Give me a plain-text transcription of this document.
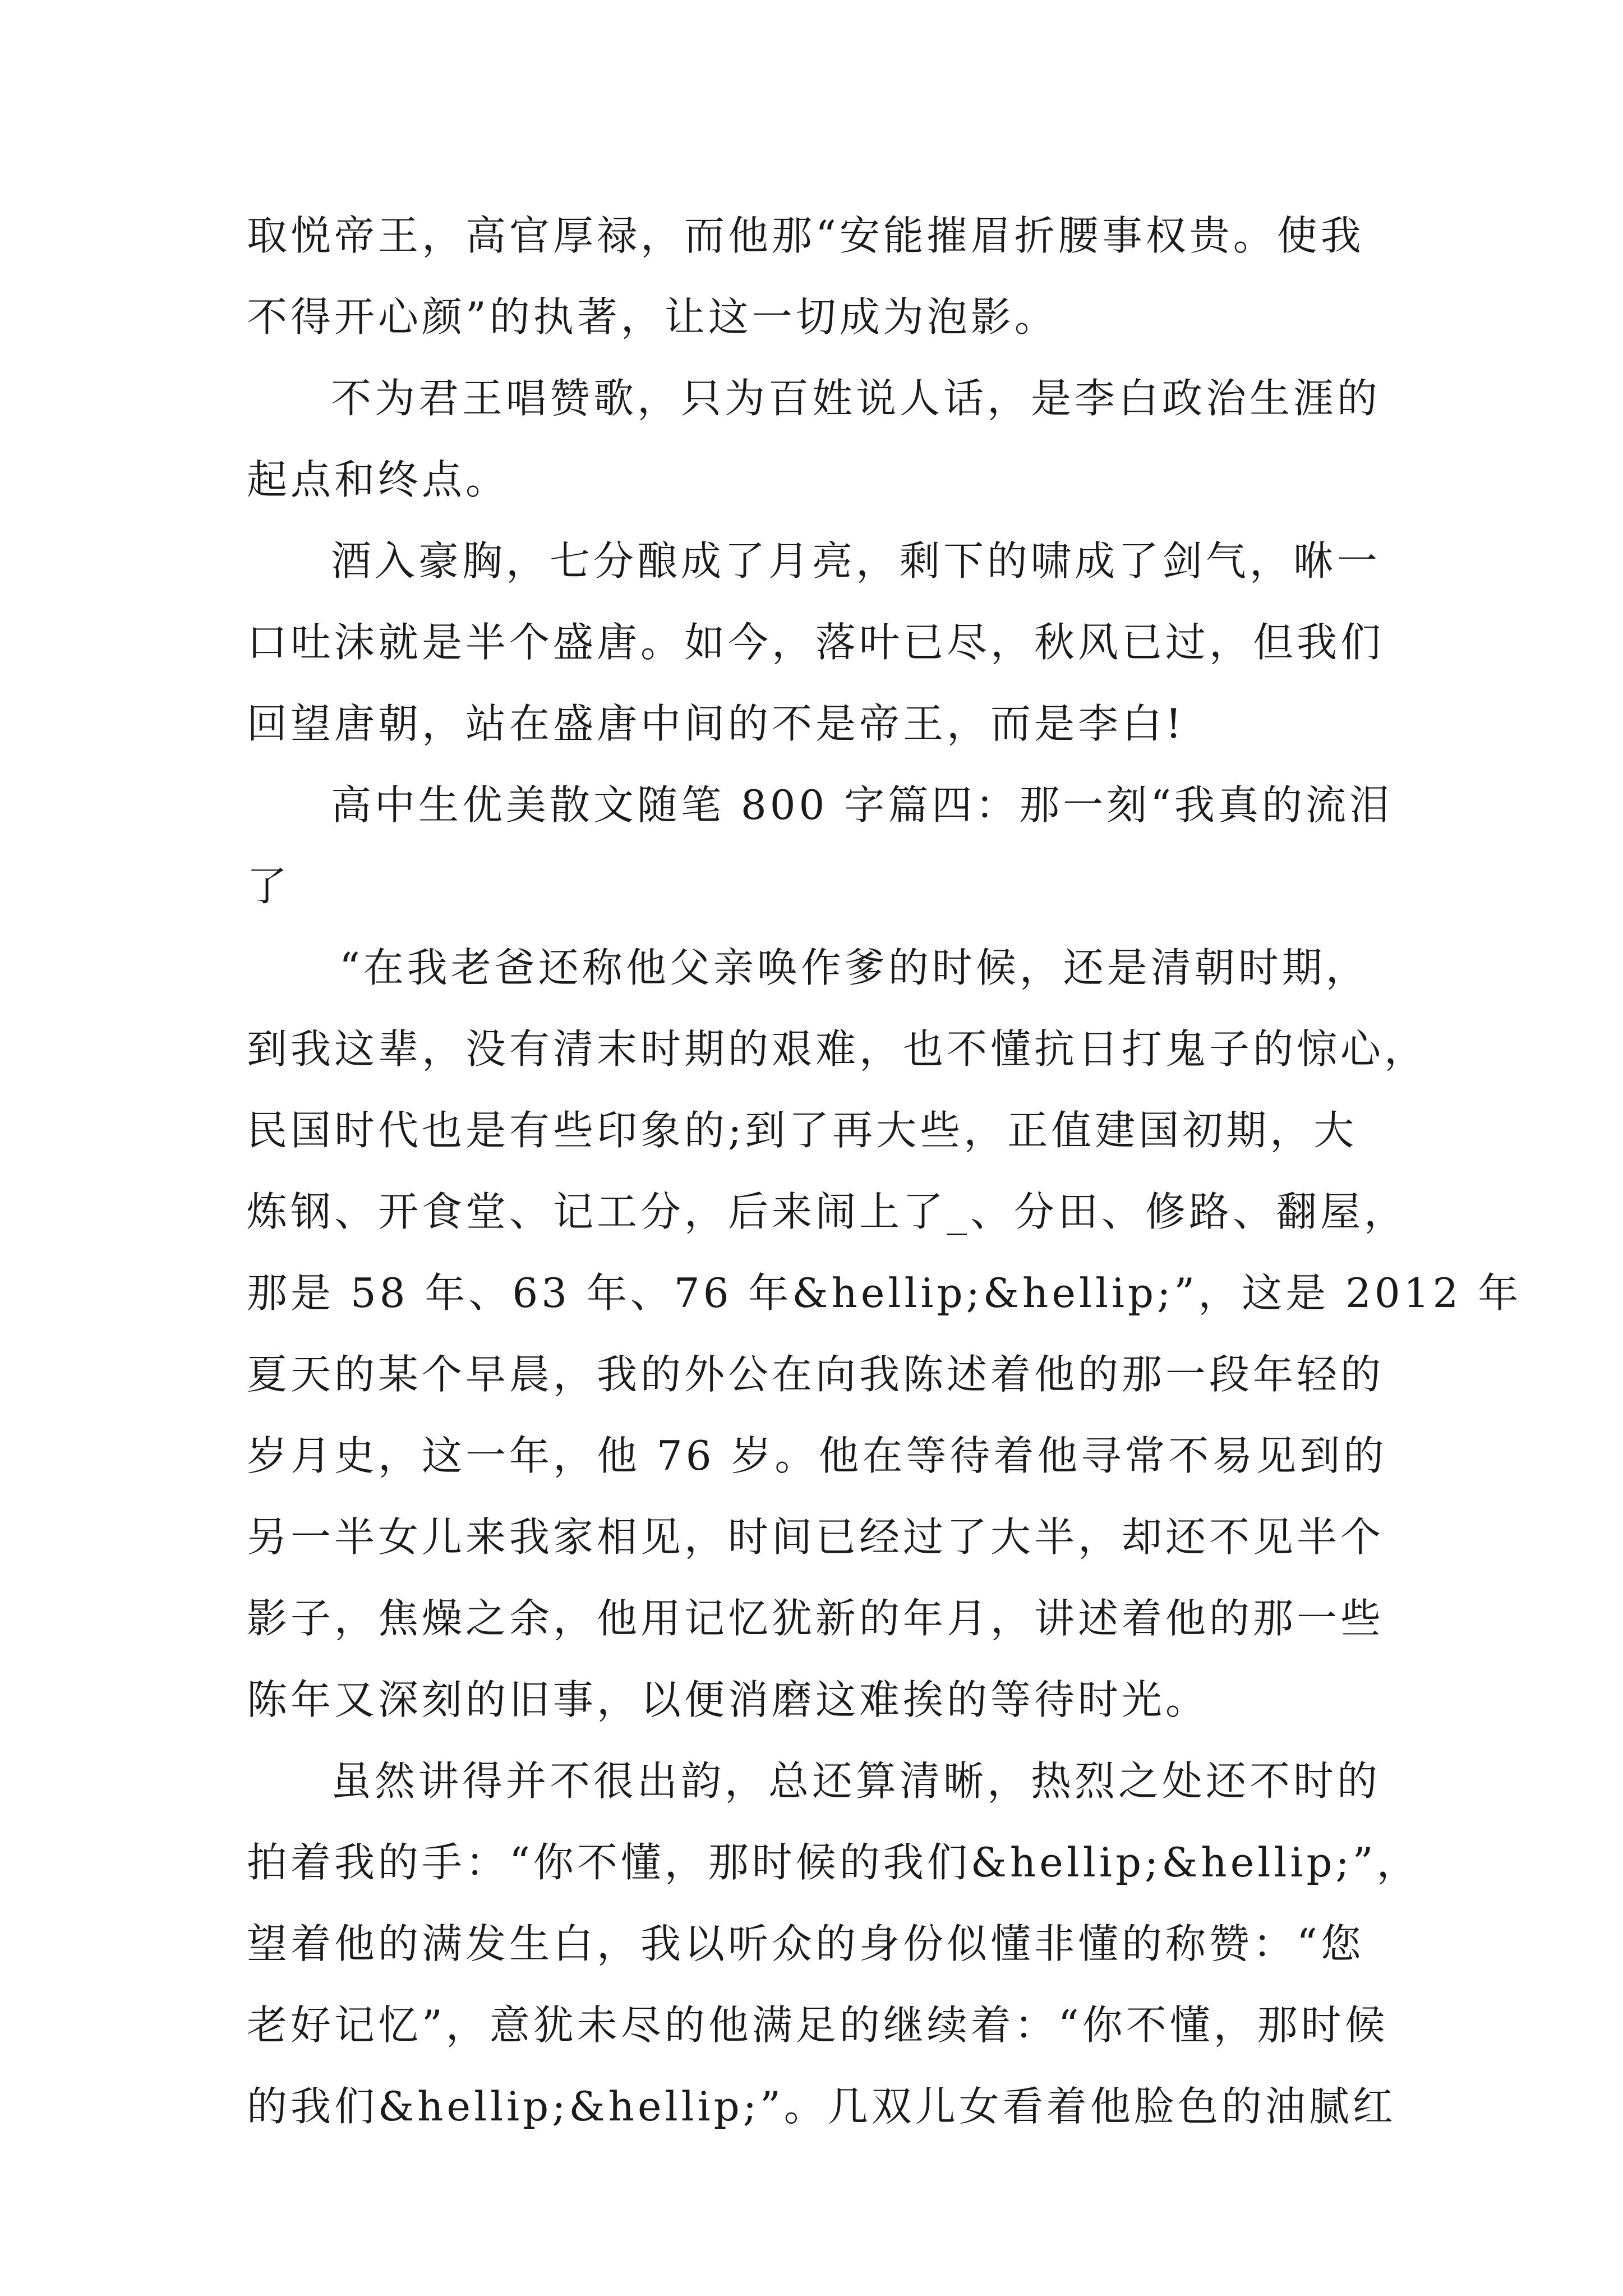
取悦帝王，高官厚禄，而他那“安能摧眉折腰事权贵。使我
不得开心颜”的执著，让这一切成为泡影。
不为君王唱赞歌，只为百姓说人话，是李白政治生涯的
起点和终点。
酒入豪胸，七分酿成了月亮，剩下的啸成了剑气，咻一
口吐沫就是半个盛唐。如今，落叶已尽，秋风已过，但我们
回望唐朝，站在盛唐中间的不是帝王，而是李白!
高中生优美散文随笔 800 字篇四：那一刻“我真的流泪
了
“在我老爸还称他父亲唤作爹的时候，还是清朝时期，
到我这辈，没有清末时期的艰难，也不懂抗日打鬼子的惊心，
民国时代也是有些印象的;到了再大些，正值建国初期，大
炼钢、开食堂、记工分，后来闹上了_、分田、修路、翻屋，
那是 58 年、63 年、76 年&hellip;&hellip;”，这是 2012 年
夏天的某个早晨，我的外公在向我陈述着他的那一段年轻的
岁月史，这一年，他 76 岁。他在等待着他寻常不易见到的
另一半女儿来我家相见，时间已经过了大半，却还不见半个
影子，焦燥之余，他用记忆犹新的年月，讲述着他的那一些
陈年又深刻的旧事，以便消磨这难挨的等待时光。
虽然讲得并不很出韵，总还算清晰，热烈之处还不时的
拍着我的手：“你不懂，那时候的我们&hellip;&hellip;”，
望着他的满发生白，我以听众的身份似懂非懂的称赞：“您
老好记忆”，意犹未尽的他满足的继续着：“你不懂，那时候
的我们&hellip;&hellip;”。几双儿女看着他脸色的油腻红
